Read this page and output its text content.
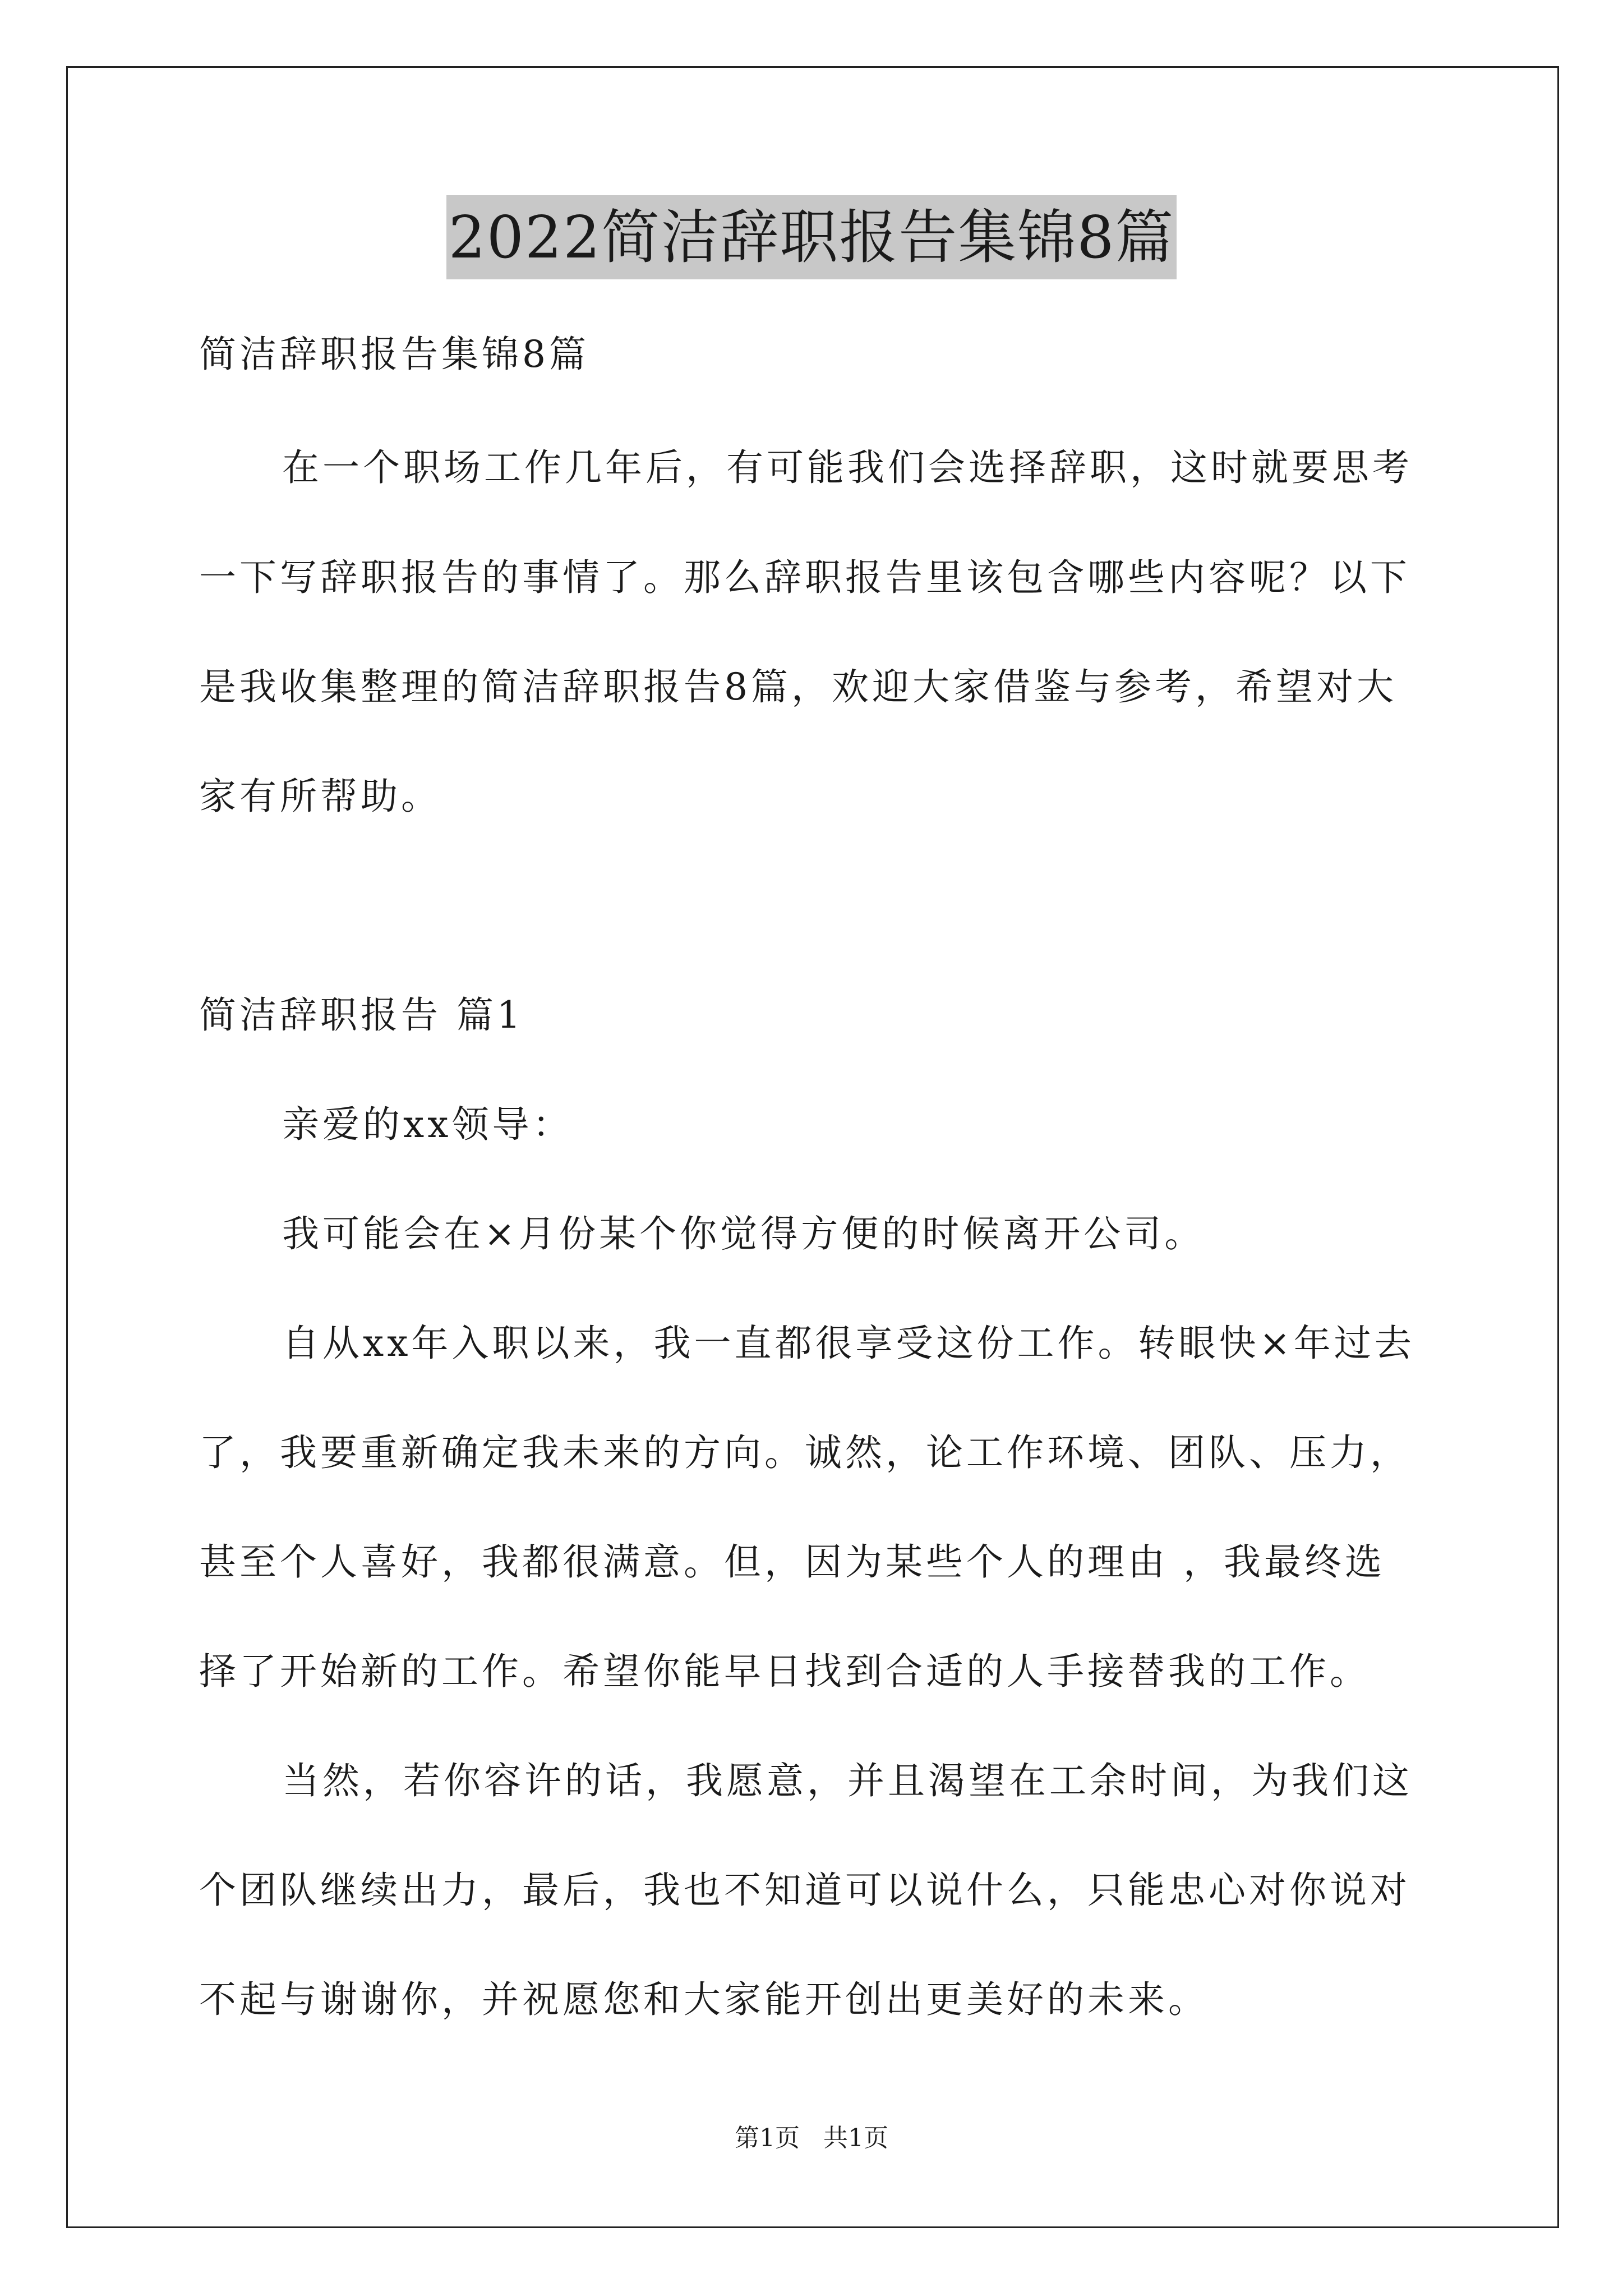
2022简洁辞职报告集锦8篇
简洁辞职报告集锦8篇
在一个职场工作几年后，有可能我们会选择辞职，这时就要思考
一下写辞职报告的事情了。那么辞职报告里该包含哪些内容呢？以下
是我收集整理的简洁辞职报告8篇，欢迎大家借鉴与参考，希望对大
家有所帮助。
简洁辞职报告 篇1
亲爱的xx领导：
我可能会在×月份某个你觉得方便的时候离开公司。
自从xx年入职以来，我一直都很享受这份工作。转眼快×年过去
了，我要重新确定我未来的方向。诚然，论工作环境、团队、压力，
甚至个人喜好，我都很满意。但，因为某些个人的理由 ，我最终选
择了开始新的工作。希望你能早日找到合适的人手接替我的工作。
当然，若你容许的话，我愿意，并且渴望在工余时间，为我们这
个团队继续出力，最后，我也不知道可以说什么，只能忠心对你说对
不起与谢谢你，并祝愿您和大家能开创出更美好的未来。
第1页   共1页
